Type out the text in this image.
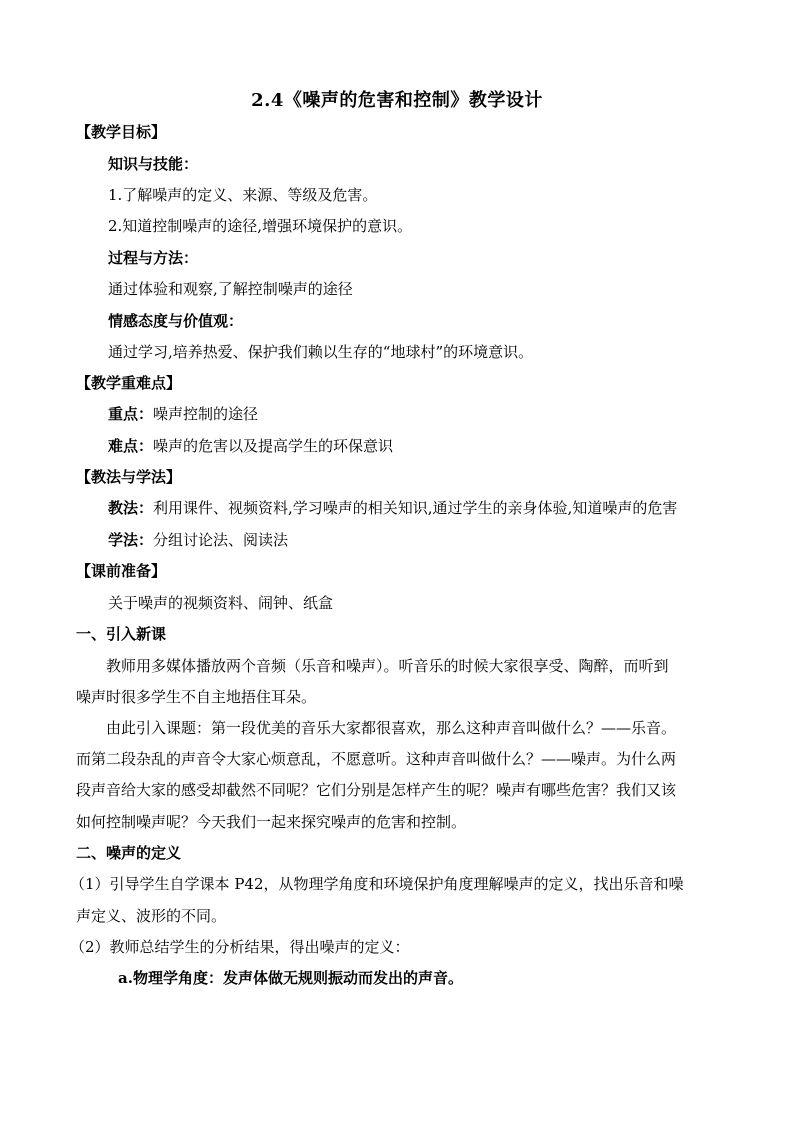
2.4《噪声的危害和控制》教学设计
【教学目标】
知识与技能：
1.了解噪声的定义、来源、等级及危害。
2.知道控制噪声的途径,增强环境保护的意识。
过程与方法：
通过体验和观察,了解控制噪声的途径
情感态度与价值观：
通过学习,培养热爱、保护我们赖以生存的“地球村”的环境意识。
【教学重难点】
重点：噪声控制的途径
难点：噪声的危害以及提高学生的环保意识
【教法与学法】
教法：利用课件、视频资料,学习噪声的相关知识,通过学生的亲身体验,知道噪声的危害
学法：分组讨论法、阅读法
【课前准备】
关于噪声的视频资料、闹钟、纸盒
一、引入新课
教师用多媒体播放两个音频（乐音和噪声）。听音乐的时候大家很享受、陶醉，而听到
噪声时很多学生不自主地捂住耳朵。
由此引入课题：第一段优美的音乐大家都很喜欢，那么这种声音叫做什么？——乐音。
而第二段杂乱的声音令大家心烦意乱，不愿意听。这种声音叫做什么？——噪声。为什么两
段声音给大家的感受却截然不同呢？它们分别是怎样产生的呢？噪声有哪些危害？我们又该
如何控制噪声呢？今天我们一起来探究噪声的危害和控制。
二、噪声的定义
（1）引导学生自学课本 P42，从物理学角度和环境保护角度理解噪声的定义，找出乐音和噪
声定义、波形的不同。
（2）教师总结学生的分析结果，得出噪声的定义：
a.物理学角度：发声体做无规则振动而发出的声音。
